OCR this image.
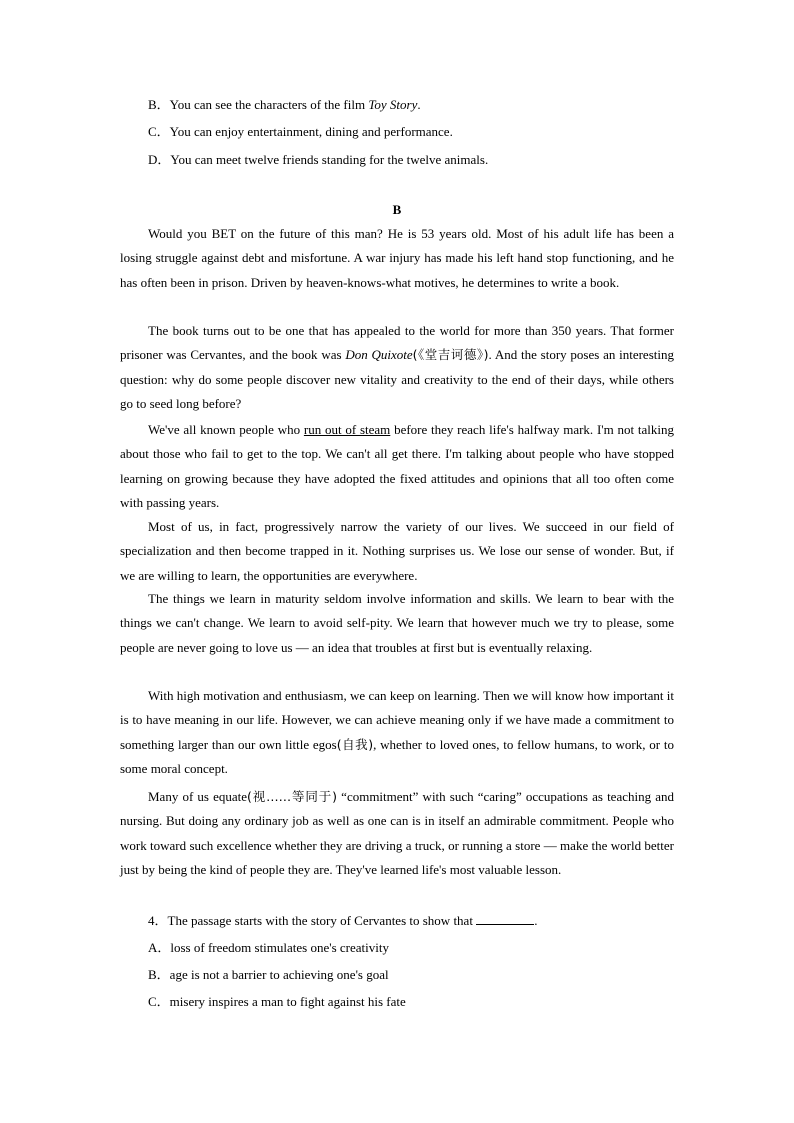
B．You can see the characters of the film Toy Story.
C．You can enjoy entertainment, dining and performance.
D．You can meet twelve friends standing for the twelve animals.
B

Would you BET on the future of this man? He is 53 years old. Most of his adult life has been a losing struggle against debt and misfortune. A war injury has made his left hand stop functioning, and he has often been in prison. Driven by heaven-knows-what motives, he determines to write a book.

The book turns out to be one that has appealed to the world for more than 350 years. That former prisoner was Cervantes, and the book was Don Quixote(《堂吉诃德》). And the story poses an interesting question: why do some people discover new vitality and creativity to the end of their days, while others go to seed long before?

We've all known people who run out of steam before they reach life's halfway mark. I'm not talking about those who fail to get to the top. We can't all get there. I'm talking about people who have stopped learning on growing because they have adopted the fixed attitudes and opinions that all too often come with passing years.

Most of us, in fact, progressively narrow the variety of our lives. We succeed in our field of specialization and then become trapped in it. Nothing surprises us. We lose our sense of wonder. But, if we are willing to learn, the opportunities are everywhere.

The things we learn in maturity seldom involve information and skills. We learn to bear with the things we can't change. We learn to avoid self-pity. We learn that however much we try to please, some people are never going to love us — an idea that troubles at first but is eventually relaxing.

With high motivation and enthusiasm, we can keep on learning. Then we will know how important it is to have meaning in our life. However, we can achieve meaning only if we have made a commitment to something larger than our own little egos(自我), whether to loved ones, to fellow humans, to work, or to some moral concept.

Many of us equate(视……等同于) “commitment” with such “caring” occupations as teaching and nursing. But doing any ordinary job as well as one can is in itself an admirable commitment. People who work toward such excellence whether they are driving a truck, or running a store — make the world better just by being the kind of people they are. They've learned life's most valuable lesson.

4．The passage starts with the story of Cervantes to show that	.
A．loss of freedom stimulates one's creativity
B．age is not a barrier to achieving one's goal
C．misery inspires a man to fight against his fate
